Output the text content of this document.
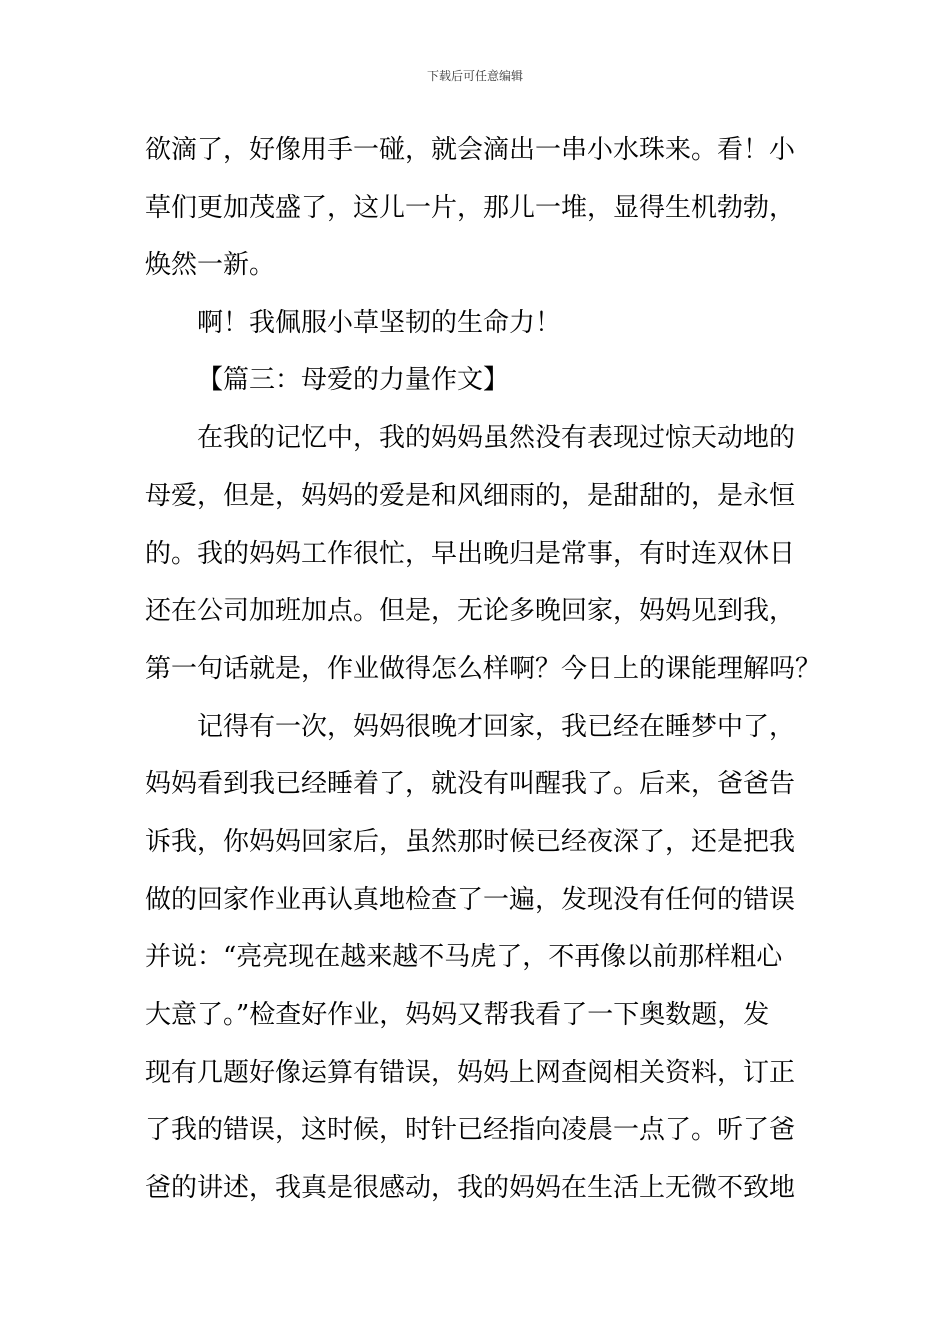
下载后可任意编辑
欲滴了，好像用手一碰，就会滴出一串小水珠来。看！小
草们更加茂盛了，这儿一片，那儿一堆，显得生机勃勃，
焕然一新。
啊！我佩服小草坚韧的生命力！
【篇三：母爱的力量作文】
在我的记忆中，我的妈妈虽然没有表现过惊天动地的
母爱，但是，妈妈的爱是和风细雨的，是甜甜的，是永恒
的。我的妈妈工作很忙，早出晚归是常事，有时连双休日
还在公司加班加点。但是，无论多晚回家，妈妈见到我，
第一句话就是，作业做得怎么样啊？今日上的课能理解吗？
记得有一次，妈妈很晚才回家，我已经在睡梦中了，
妈妈看到我已经睡着了，就没有叫醒我了。后来，爸爸告
诉我，你妈妈回家后，虽然那时候已经夜深了，还是把我
做的回家作业再认真地检查了一遍，发现没有任何的错误
并说：“亮亮现在越来越不马虎了，不再像以前那样粗心
大意了。”检查好作业，妈妈又帮我看了一下奥数题，发
现有几题好像运算有错误，妈妈上网查阅相关资料，订正
了我的错误，这时候，时针已经指向凌晨一点了。听了爸
爸的讲述，我真是很感动，我的妈妈在生活上无微不致地
